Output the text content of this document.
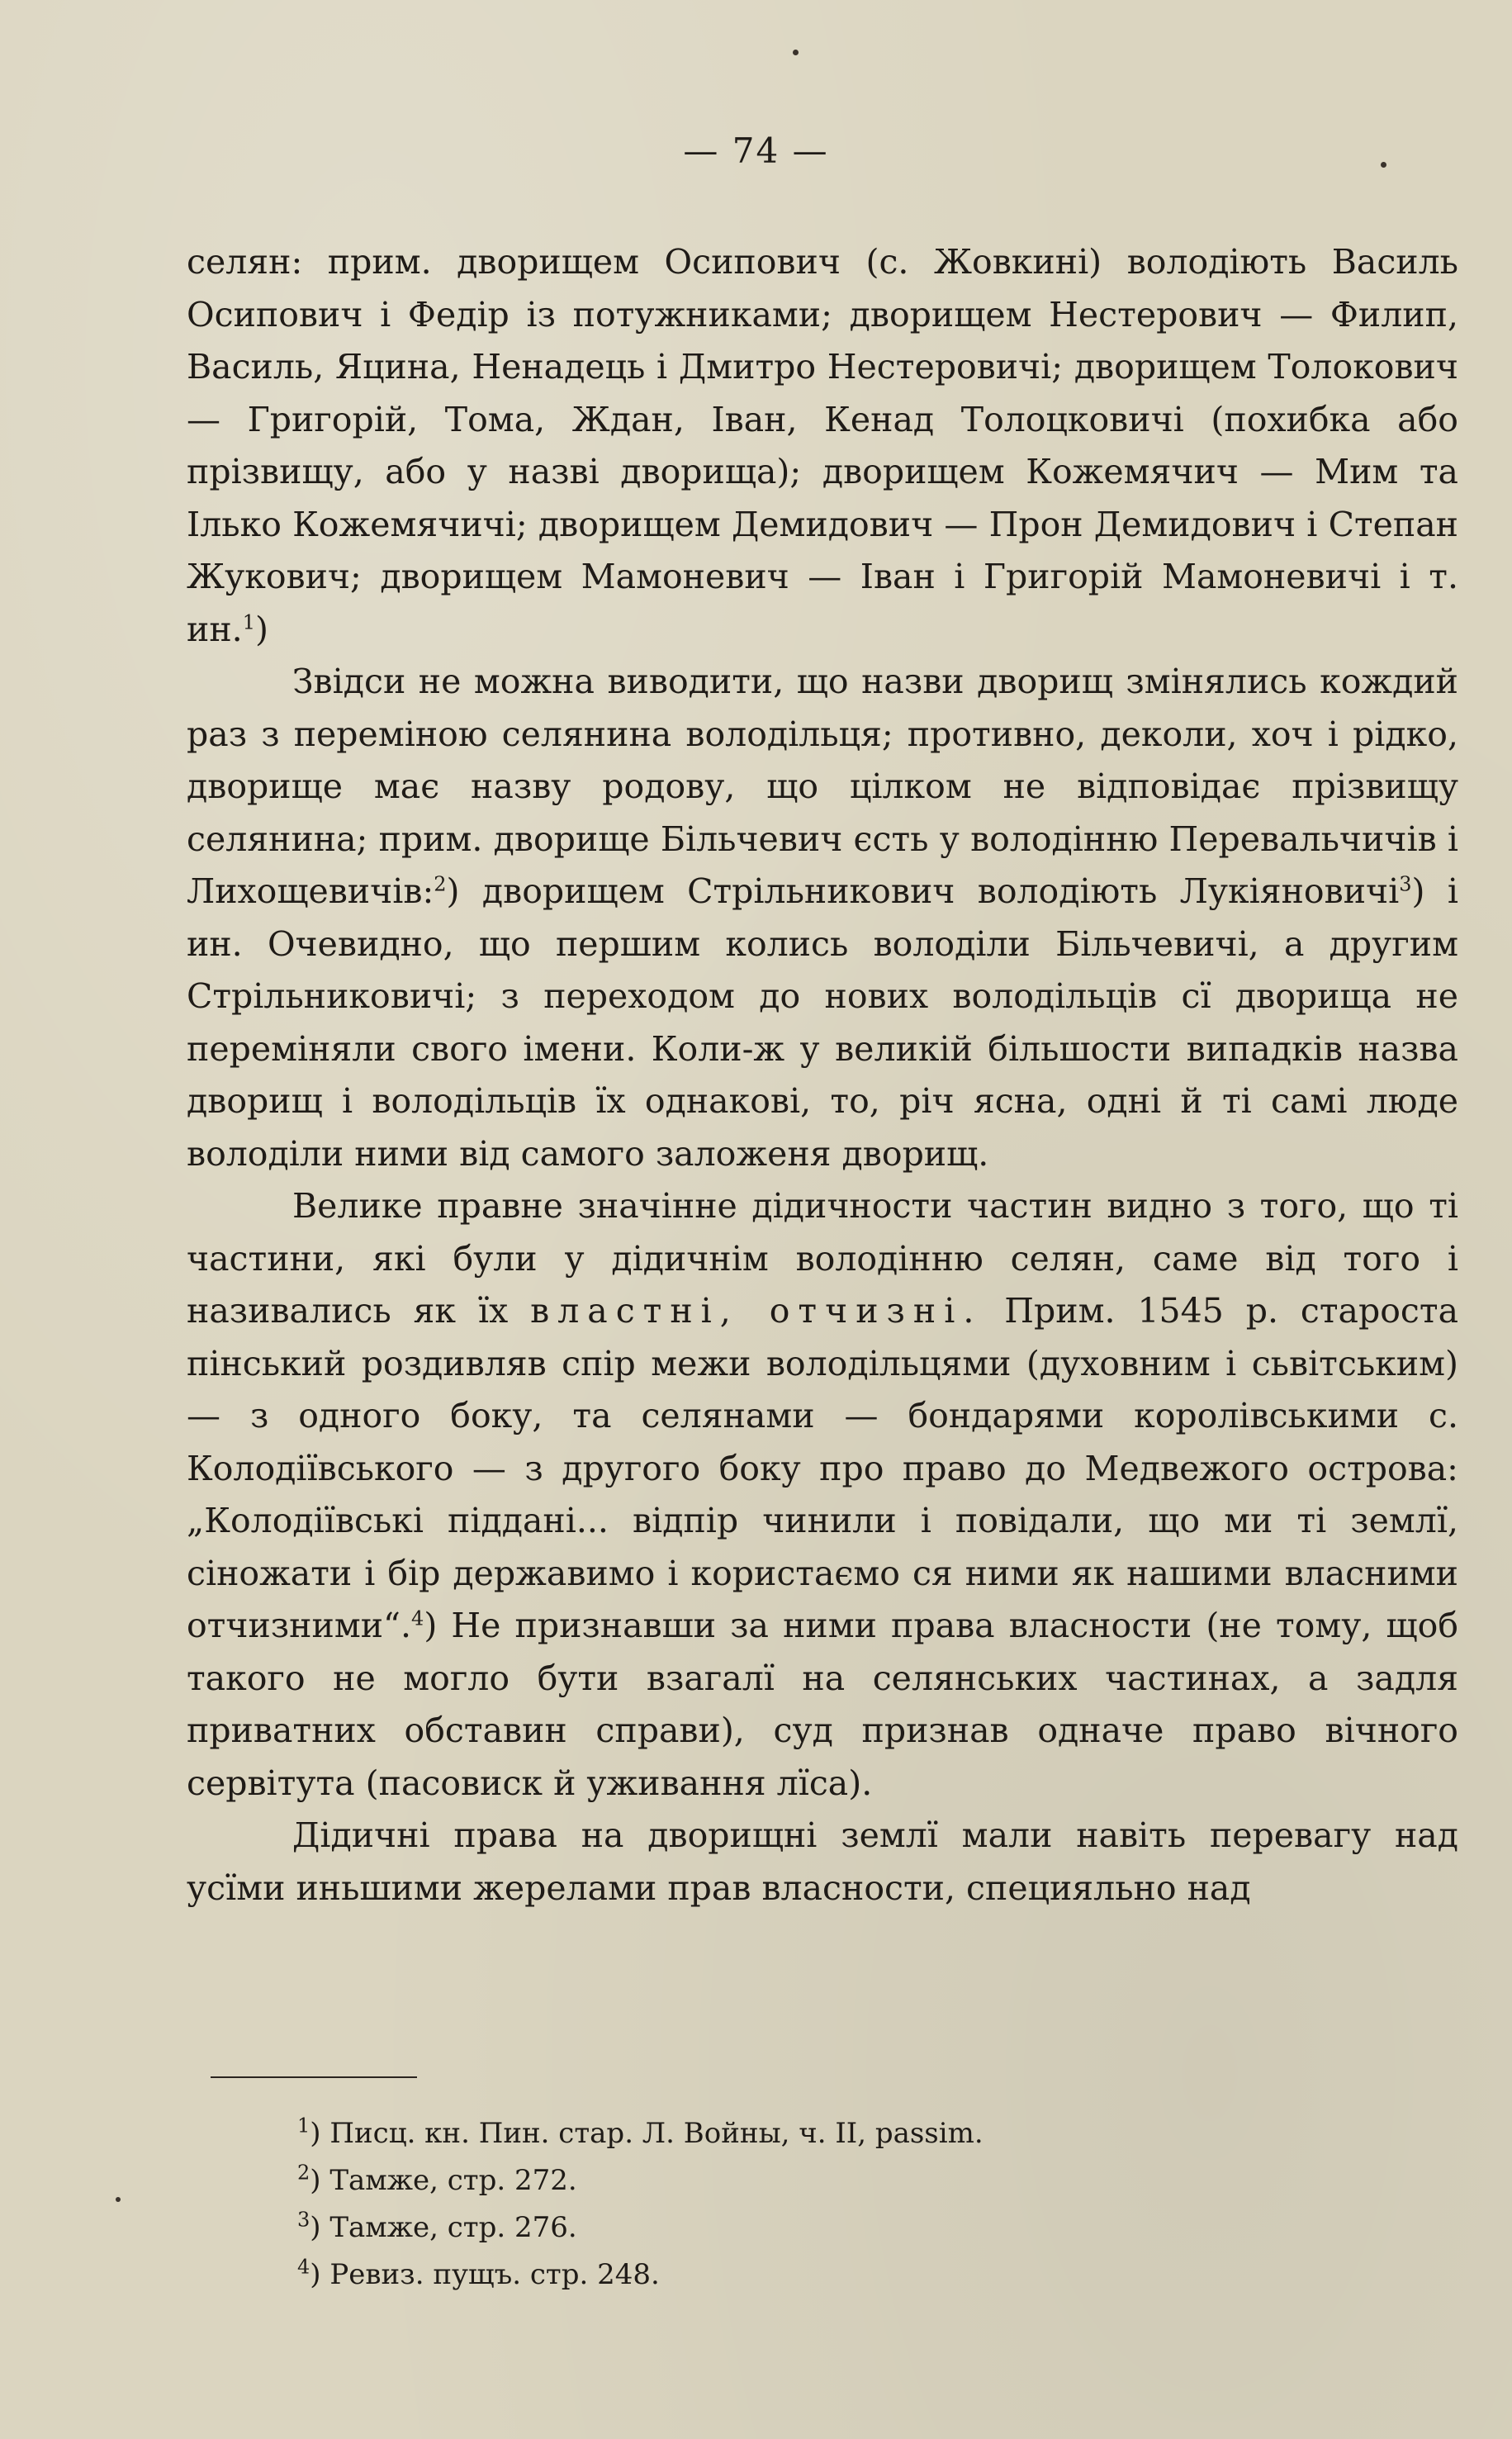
— 74 —

селян: прим. дворищем Осипович (с. Жовкині) володіють Василь Осипович і Федір із потужниками; дворищем Нестерович — Филип, Василь, Яцина, Ненадець і Дмитро Нестеровичі; дворищем Толокович — Григорій, Тома, Ждан, Іван, Кенад Толоцковичі (похибка або прізвищу, або у назві дворища); дворищем Кожемячич — Мим та Ілько Кожемячичі; дворищем Демидович — Прон Демидович і Степан Жукович; дворищем Мамоневич — Іван і Григорій Мамоневичі і т. ин.$^1$)

Звідси не можна виводити, що назви дворищ змінялись кождий раз з переміною селянина володільця; противно, деколи, хоч і рідко, дворище має назву родову, що цілком не відповідає прізвищу селянина; прим. дворище Більчевич єсть у володінню Перевальчичів і Лихощевичів:$^2$) дворищем Стрільникович володіють Лукіяновичі$^3$) і ин. Очевидно, що першим колись володіли Більчевичі, а другим Стрільниковичі; з переходом до нових володільців сї дворища не переміняли свого імени. Коли-ж у великій більшости випадків назва дворищ і володільців їх однакові, то, річ ясна, одні й ті самі люде володіли ними від самого заложеня дворищ.

Велике правне значінне дідичности частин видно з того, що ті частини, які були у дідичнім володінню селян, саме від того і називались як їх властні, отчизні. Прим. 1545 р. староста пінський роздивляв спір межи володільцями (духовним і сьвітським) — з одного боку, та селянами — бондарями королівськими с. Колодіївського — з другого боку про право до Медвежого острова: „Колодіївські піддані... відпір чинили і повідали, що ми ті землї, сіножати і бір державимо і користаємо ся ними як нашими власними отчизними“.$^4$) Не признавши за ними права власности (не тому, щоб такого не могло бути взагалї на селянських частинах, а задля приватних обставин справи), суд признав одначе право вічного сервітута (пасовиск й уживання лїса).

Дідичні права на дворищні землї мали навіть перевагу над усїми иньшими жерелами прав власности, специяльно над

$^1$) Писц. кн. Пин. стар. Л. Войны, ч. II, passim.
$^2$) Тамже, стр. 272.
$^3$) Тамже, стр. 276.
$^4$) Ревиз. пущъ. стр. 248.
